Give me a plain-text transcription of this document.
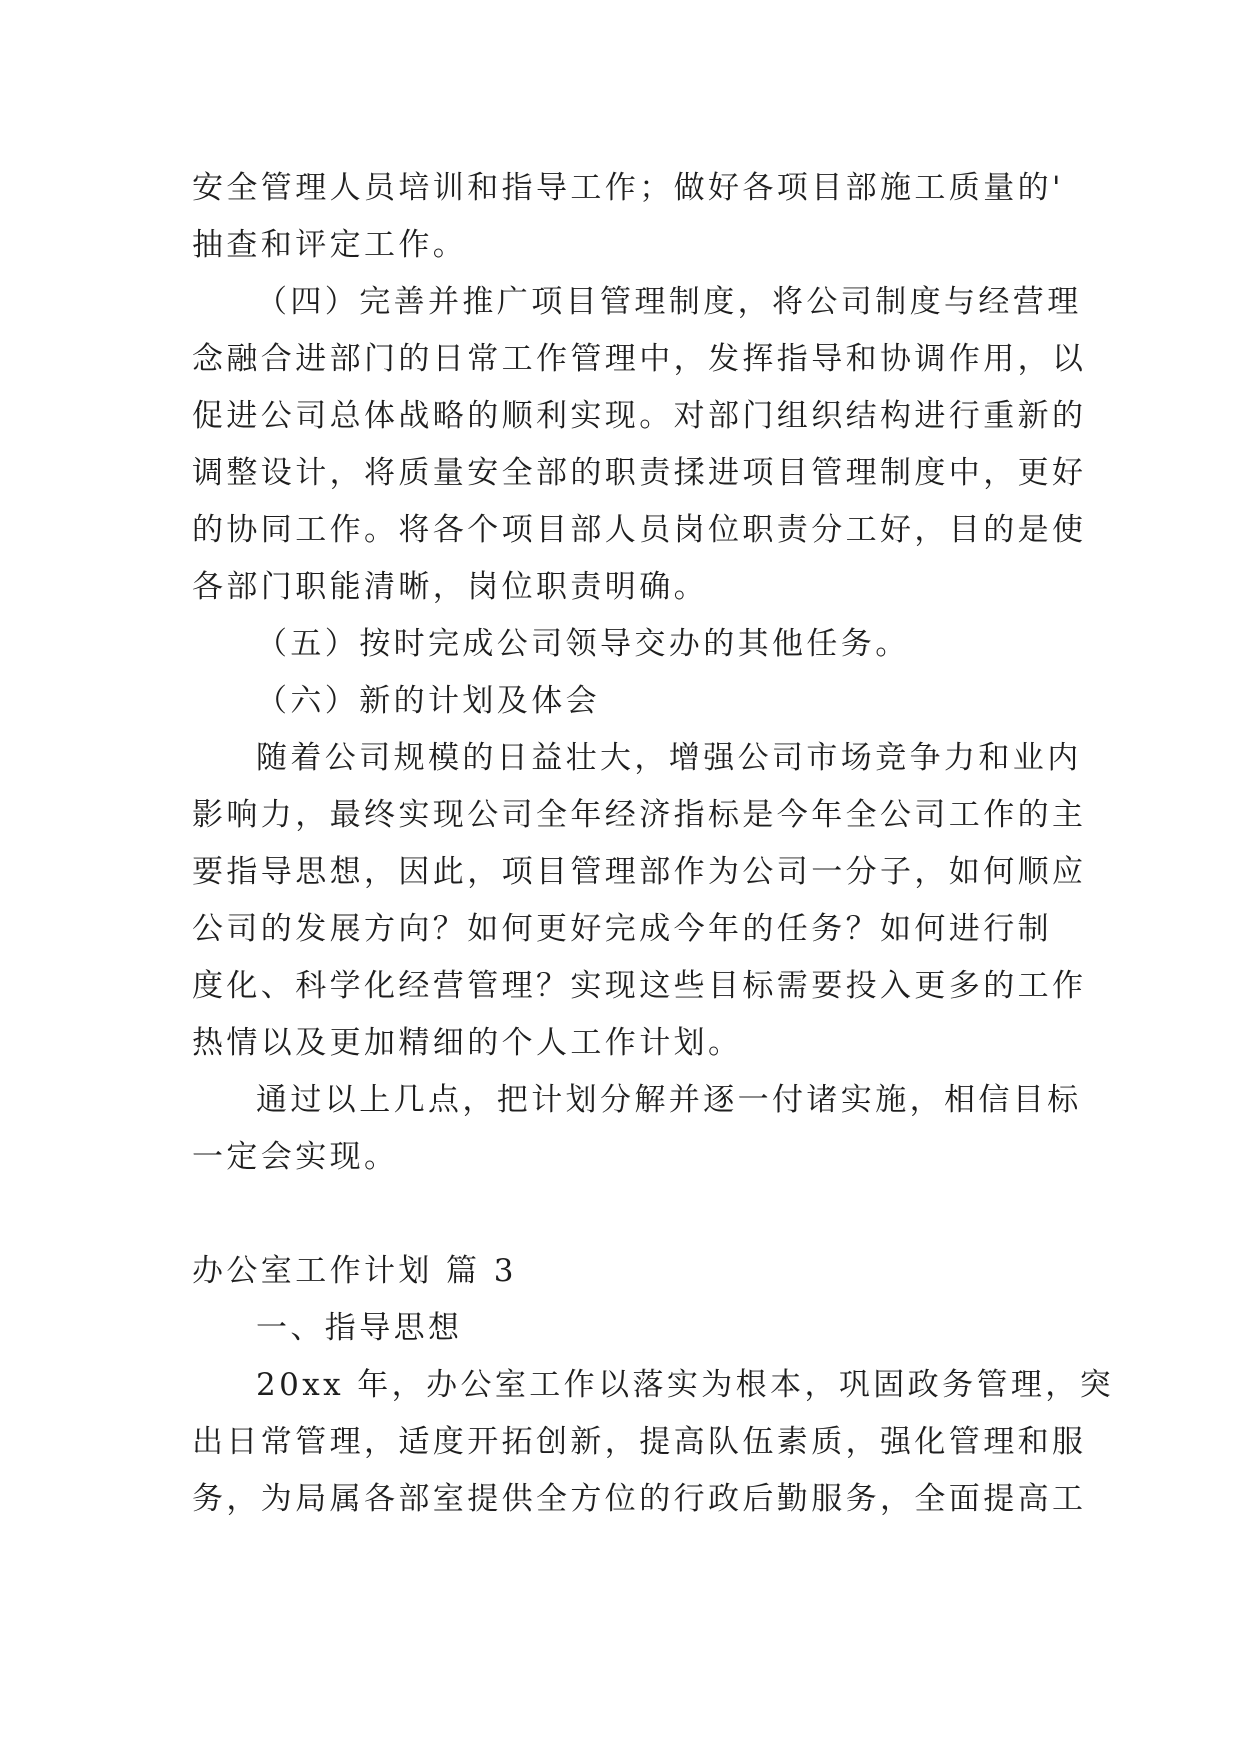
安全管理人员培训和指导工作；做好各项目部施工质量的'
抽查和评定工作。
（四）完善并推广项目管理制度，将公司制度与经营理
念融合进部门的日常工作管理中，发挥指导和协调作用，以
促进公司总体战略的顺利实现。对部门组织结构进行重新的
调整设计，将质量安全部的职责揉进项目管理制度中，更好
的协同工作。将各个项目部人员岗位职责分工好，目的是使
各部门职能清晰，岗位职责明确。
（五）按时完成公司领导交办的其他任务。
（六）新的计划及体会
随着公司规模的日益壮大，增强公司市场竞争力和业内
影响力，最终实现公司全年经济指标是今年全公司工作的主
要指导思想，因此，项目管理部作为公司一分子，如何顺应
公司的发展方向？如何更好完成今年的任务？如何进行制
度化、科学化经营管理？实现这些目标需要投入更多的工作
热情以及更加精细的个人工作计划。
通过以上几点，把计划分解并逐一付诸实施，相信目标
一定会实现。
办公室工作计划 篇 3
一、指导思想
20xx 年，办公室工作以落实为根本，巩固政务管理，突
出日常管理，适度开拓创新，提高队伍素质，强化管理和服
务，为局属各部室提供全方位的行政后勤服务，全面提高工
